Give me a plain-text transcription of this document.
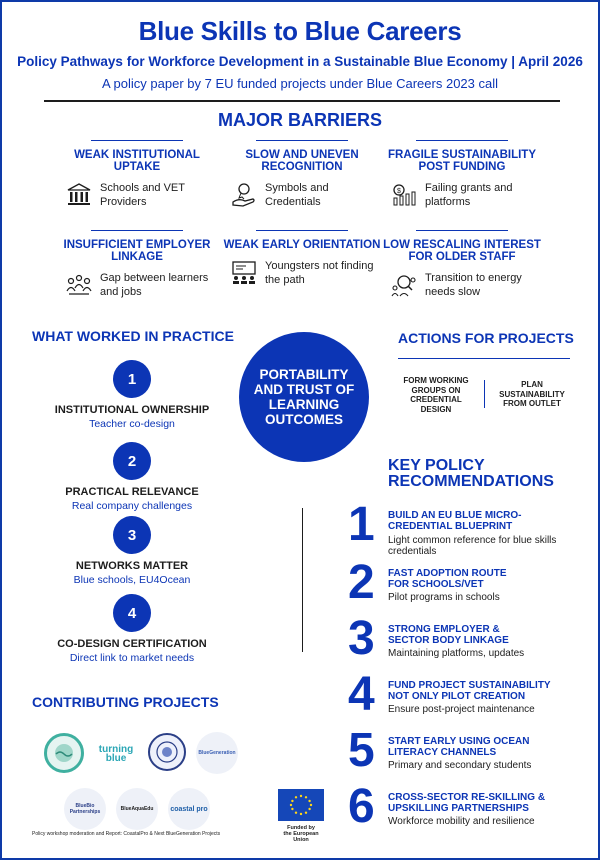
Blue Skills to Blue Careers
Policy Pathways for Workforce Development in a Sustainable Blue Economy | April 2026
A policy paper by 7 EU funded projects under Blue Careers 2023 call
MAJOR BARRIERS
WEAK INSTITUTIONAL UPTAKE
Schools and VET Providers
SLOW AND UNEVEN RECOGNITION
Symbols and Credentials
FRAGILE SUSTAINABILITY POST FUNDING
$ Failing grants and platforms
INSUFFICIENT EMPLOYER LINKAGE
Gap between learners and jobs
WEAK EARLY ORIENTATION
Youngsters not finding the path
LOW RESCALING INTEREST FOR OLDER STAFF
Transition to energy needs slow
WHAT WORKED IN PRACTICE
1
INSTITUTIONAL OWNERSHIP
Teacher co-design
2
PRACTICAL RELEVANCE
Real company challenges
3
NETWORKS MATTER
Blue schools, EU4Ocean
4
CO-DESIGN CERTIFICATION
Direct link to market needs
PORTABILITY AND TRUST OF LEARNING OUTCOMES
ACTIONS FOR PROJECTS
FORM WORKING GROUPS ON CREDENTIAL DESIGN
PLAN SUSTAINABILITY FROM OUTLET
KEY POLICY RECOMMENDATIONS
1 BUILD AN EU BLUE MICRO-CREDENTIAL BLUEPRINT
Light common reference for blue skills credentials
2 FAST ADOPTION ROUTE FOR SCHOOLS/VET
Pilot programs in schools
3 STRONG EMPLOYER & SECTOR BODY LINKAGE
Maintaining platforms, updates
4 FUND PROJECT SUSTAINABILITY NOT ONLY PILOT CREATION
Ensure post-project maintenance
5 START EARLY USING OCEAN LITERACY CHANNELS
Primary and secondary students
6 CROSS-SECTOR RE-SKILLING & UPSKILLING PARTNERSHIPS
Workforce mobility and resilience
CONTRIBUTING PROJECTS
turning blue	BlueGeneration
BlueBio Partnerships	BlueAquaEdu	coastal pro
Policy workshop moderation and Report: CoastalPro & Next BlueGeneration Projects
Funded by
the European Union
